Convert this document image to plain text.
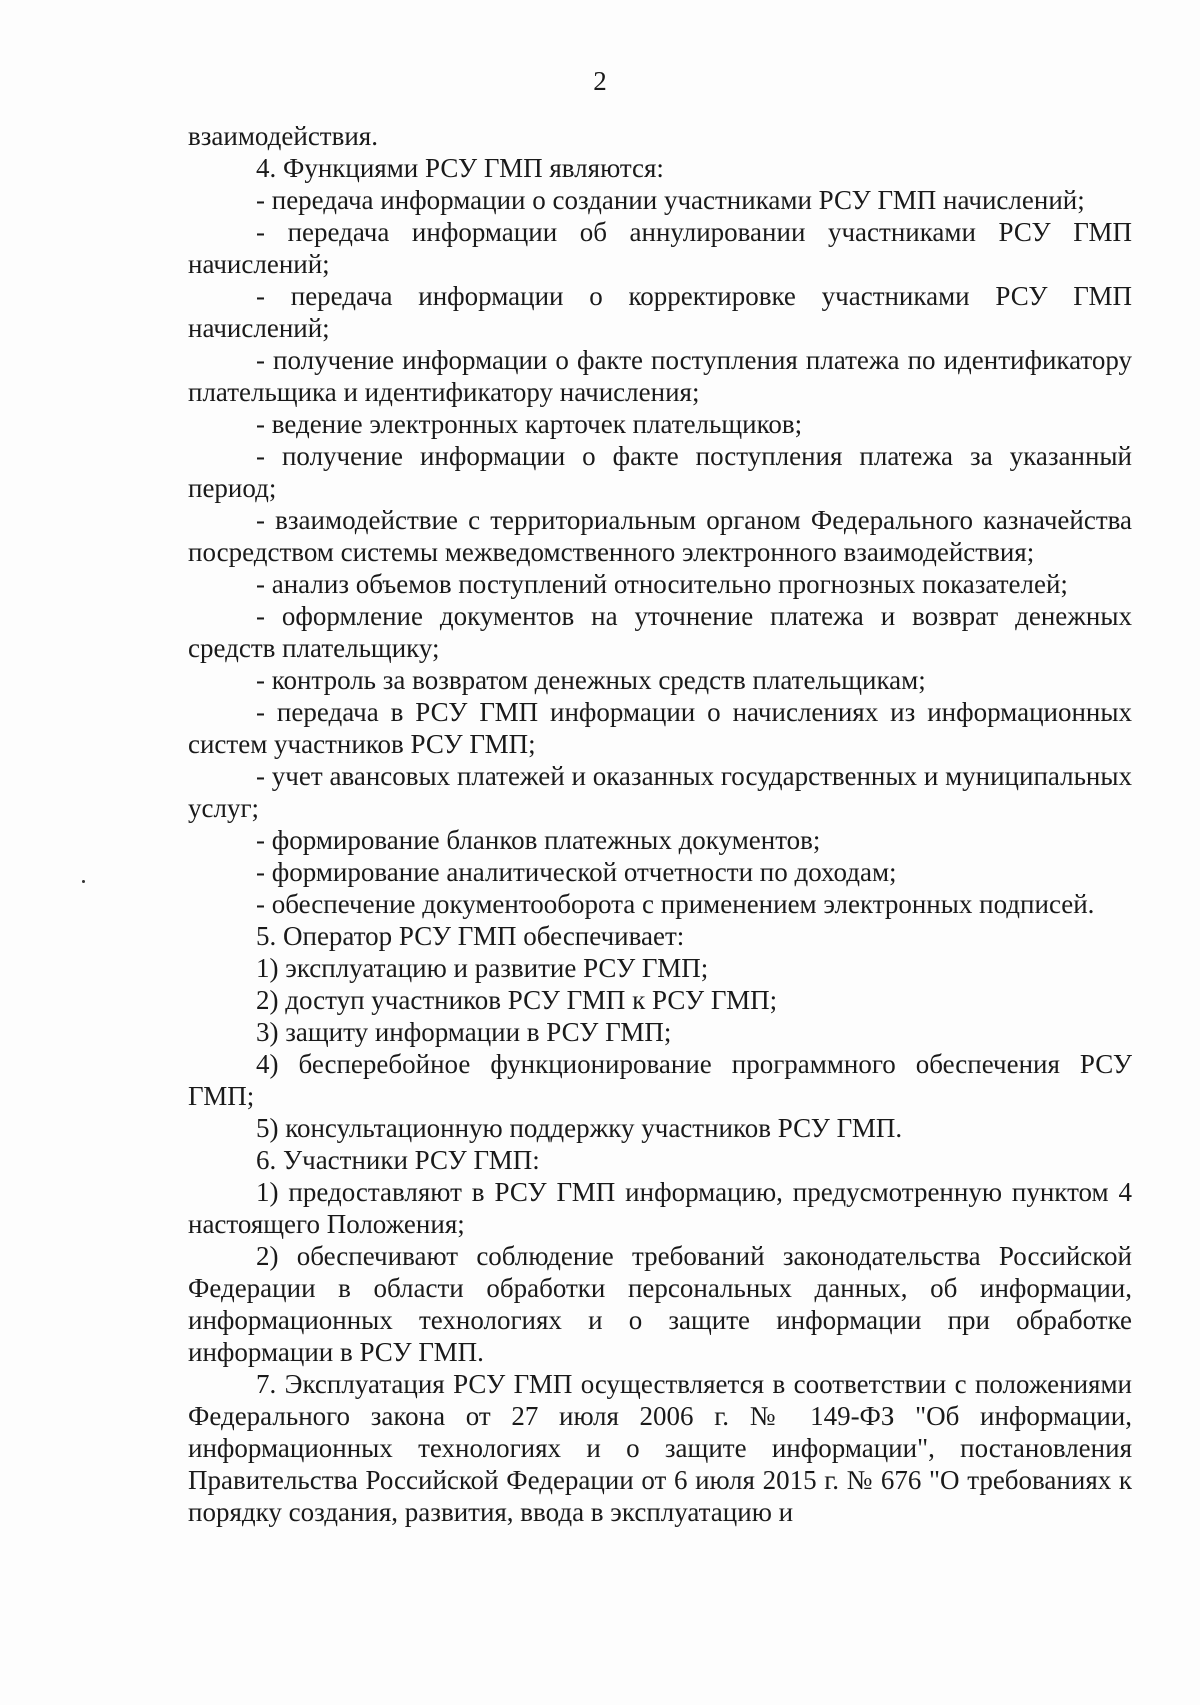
2

взаимодействия.

4. Функциями РСУ ГМП являются:

- передача информации о создании участниками РСУ ГМП начислений;

- передача информации об аннулировании участниками РСУ ГМП начислений;

- передача информации о корректировке участниками РСУ ГМП начислений;

- получение информации о факте поступления платежа по идентификатору плательщика и идентификатору начисления;

- ведение электронных карточек плательщиков;

- получение информации о факте поступления платежа за указанный период;

- взаимодействие с территориальным органом Федерального казначейства посредством системы межведомственного электронного взаимодействия;

- анализ объемов поступлений относительно прогнозных показателей;

- оформление документов на уточнение платежа и возврат денежных средств плательщику;

- контроль за возвратом денежных средств плательщикам;

- передача в РСУ ГМП информации о начислениях из информационных систем участников РСУ ГМП;

- учет авансовых платежей и оказанных государственных и муниципальных услуг;

- формирование бланков платежных документов;

- формирование аналитической отчетности по доходам;

- обеспечение документооборота с применением электронных подписей.

5. Оператор РСУ ГМП обеспечивает:

1) эксплуатацию и развитие РСУ ГМП;

2) доступ участников РСУ ГМП к РСУ ГМП;

3) защиту информации в РСУ ГМП;

4) бесперебойное функционирование программного обеспечения РСУ ГМП;

5) консультационную поддержку участников РСУ ГМП.

6. Участники РСУ ГМП:

1) предоставляют в РСУ ГМП информацию, предусмотренную пунктом 4 настоящего Положения;

2) обеспечивают соблюдение требований законодательства Российской Федерации в области обработки персональных данных, об информации, информационных технологиях и о защите информации при обработке информации в РСУ ГМП.

7. Эксплуатация РСУ ГМП осуществляется в соответствии с положениями Федерального закона от 27 июля 2006 г. № 149-ФЗ "Об информации, информационных технологиях и о защите информации", постановления Правительства Российской Федерации от 6 июля 2015 г. № 676 "О требованиях к порядку создания, развития, ввода в эксплуатацию и
